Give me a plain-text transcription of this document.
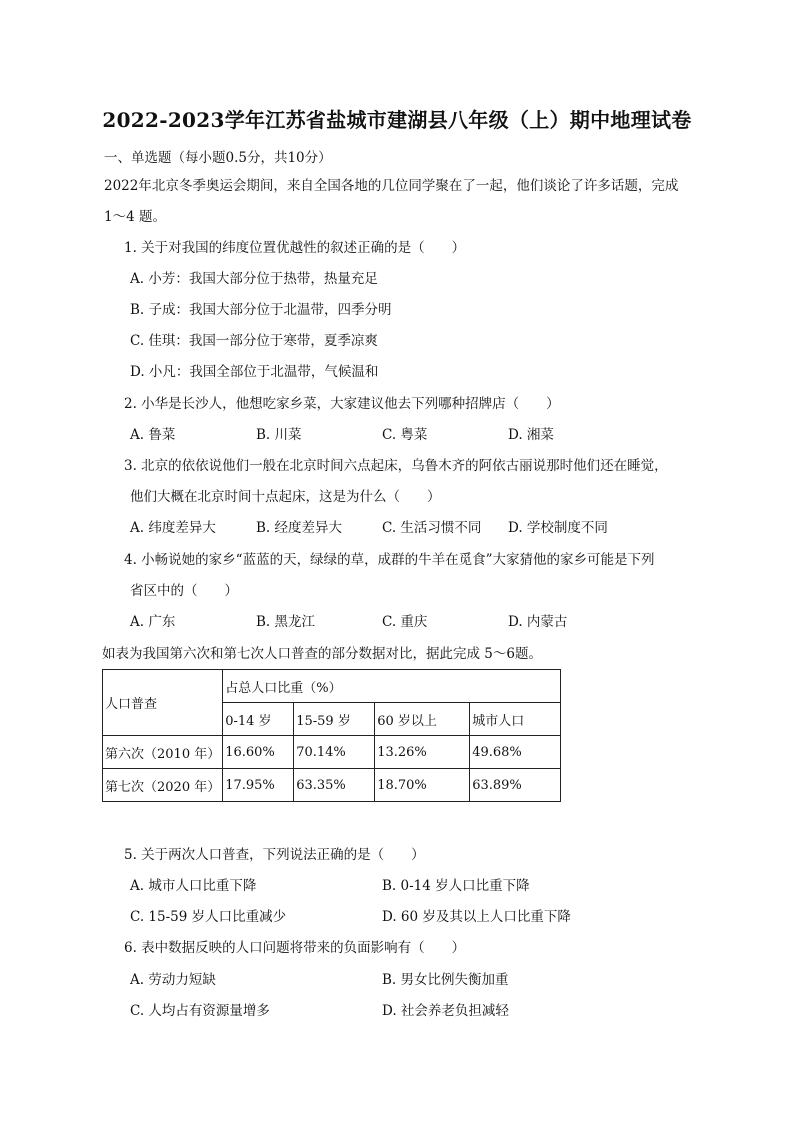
2022-2023学年江苏省盐城市建湖县八年级（上）期中地理试卷
一、单选题（每小题0.5分，共10分）
2022年北京冬季奥运会期间，来自全国各地的几位同学聚在了一起，他们谈论了许多话题，完成
1～4 题。
1. 关于对我国的纬度位置优越性的叙述正确的是（　　）
A. 小芳：我国大部分位于热带，热量充足
B. 子成：我国大部分位于北温带，四季分明
C. 佳琪：我国一部分位于寒带，夏季凉爽
D. 小凡：我国全部位于北温带，气候温和
2. 小华是长沙人，他想吃家乡菜，大家建议他去下列哪种招牌店（　　）
A. 鲁菜	B. 川菜	C. 粤菜	D. 湘菜
3. 北京的依依说他们一般在北京时间六点起床，乌鲁木齐的阿依古丽说那时他们还在睡觉，
他们大概在北京时间十点起床，这是为什么（　　）
A. 纬度差异大	B. 经度差异大	C. 生活习惯不同 D. 学校制度不同
4. 小畅说她的家乡“蓝蓝的天，绿绿的草，成群的牛羊在觅食”大家猜他的家乡可能是下列
省区中的（　　）
A. 广东	B. 黑龙江	C. 重庆	D. 内蒙古
如表为我国第六次和第七次人口普查的部分数据对比，据此完成 5～6题。
人口普查	占总人口比重（%）			
	0-14 岁	15-59 岁	60 岁以上	城市人口
第六次（2010 年）	16.60%	70.14%	13.26%	49.68%
第七次（2020 年）	17.95%	63.35%	18.70%	63.89%
5. 关于两次人口普查，下列说法正确的是（　　）
A. 城市人口比重下降	B. 0-14 岁人口比重下降
C. 15-59 岁人口比重减少	D. 60 岁及其以上人口比重下降
6. 表中数据反映的人口问题将带来的负面影响有（　　）
A. 劳动力短缺	B. 男女比例失衡加重
C. 人均占有资源量增多	D. 社会养老负担减轻
